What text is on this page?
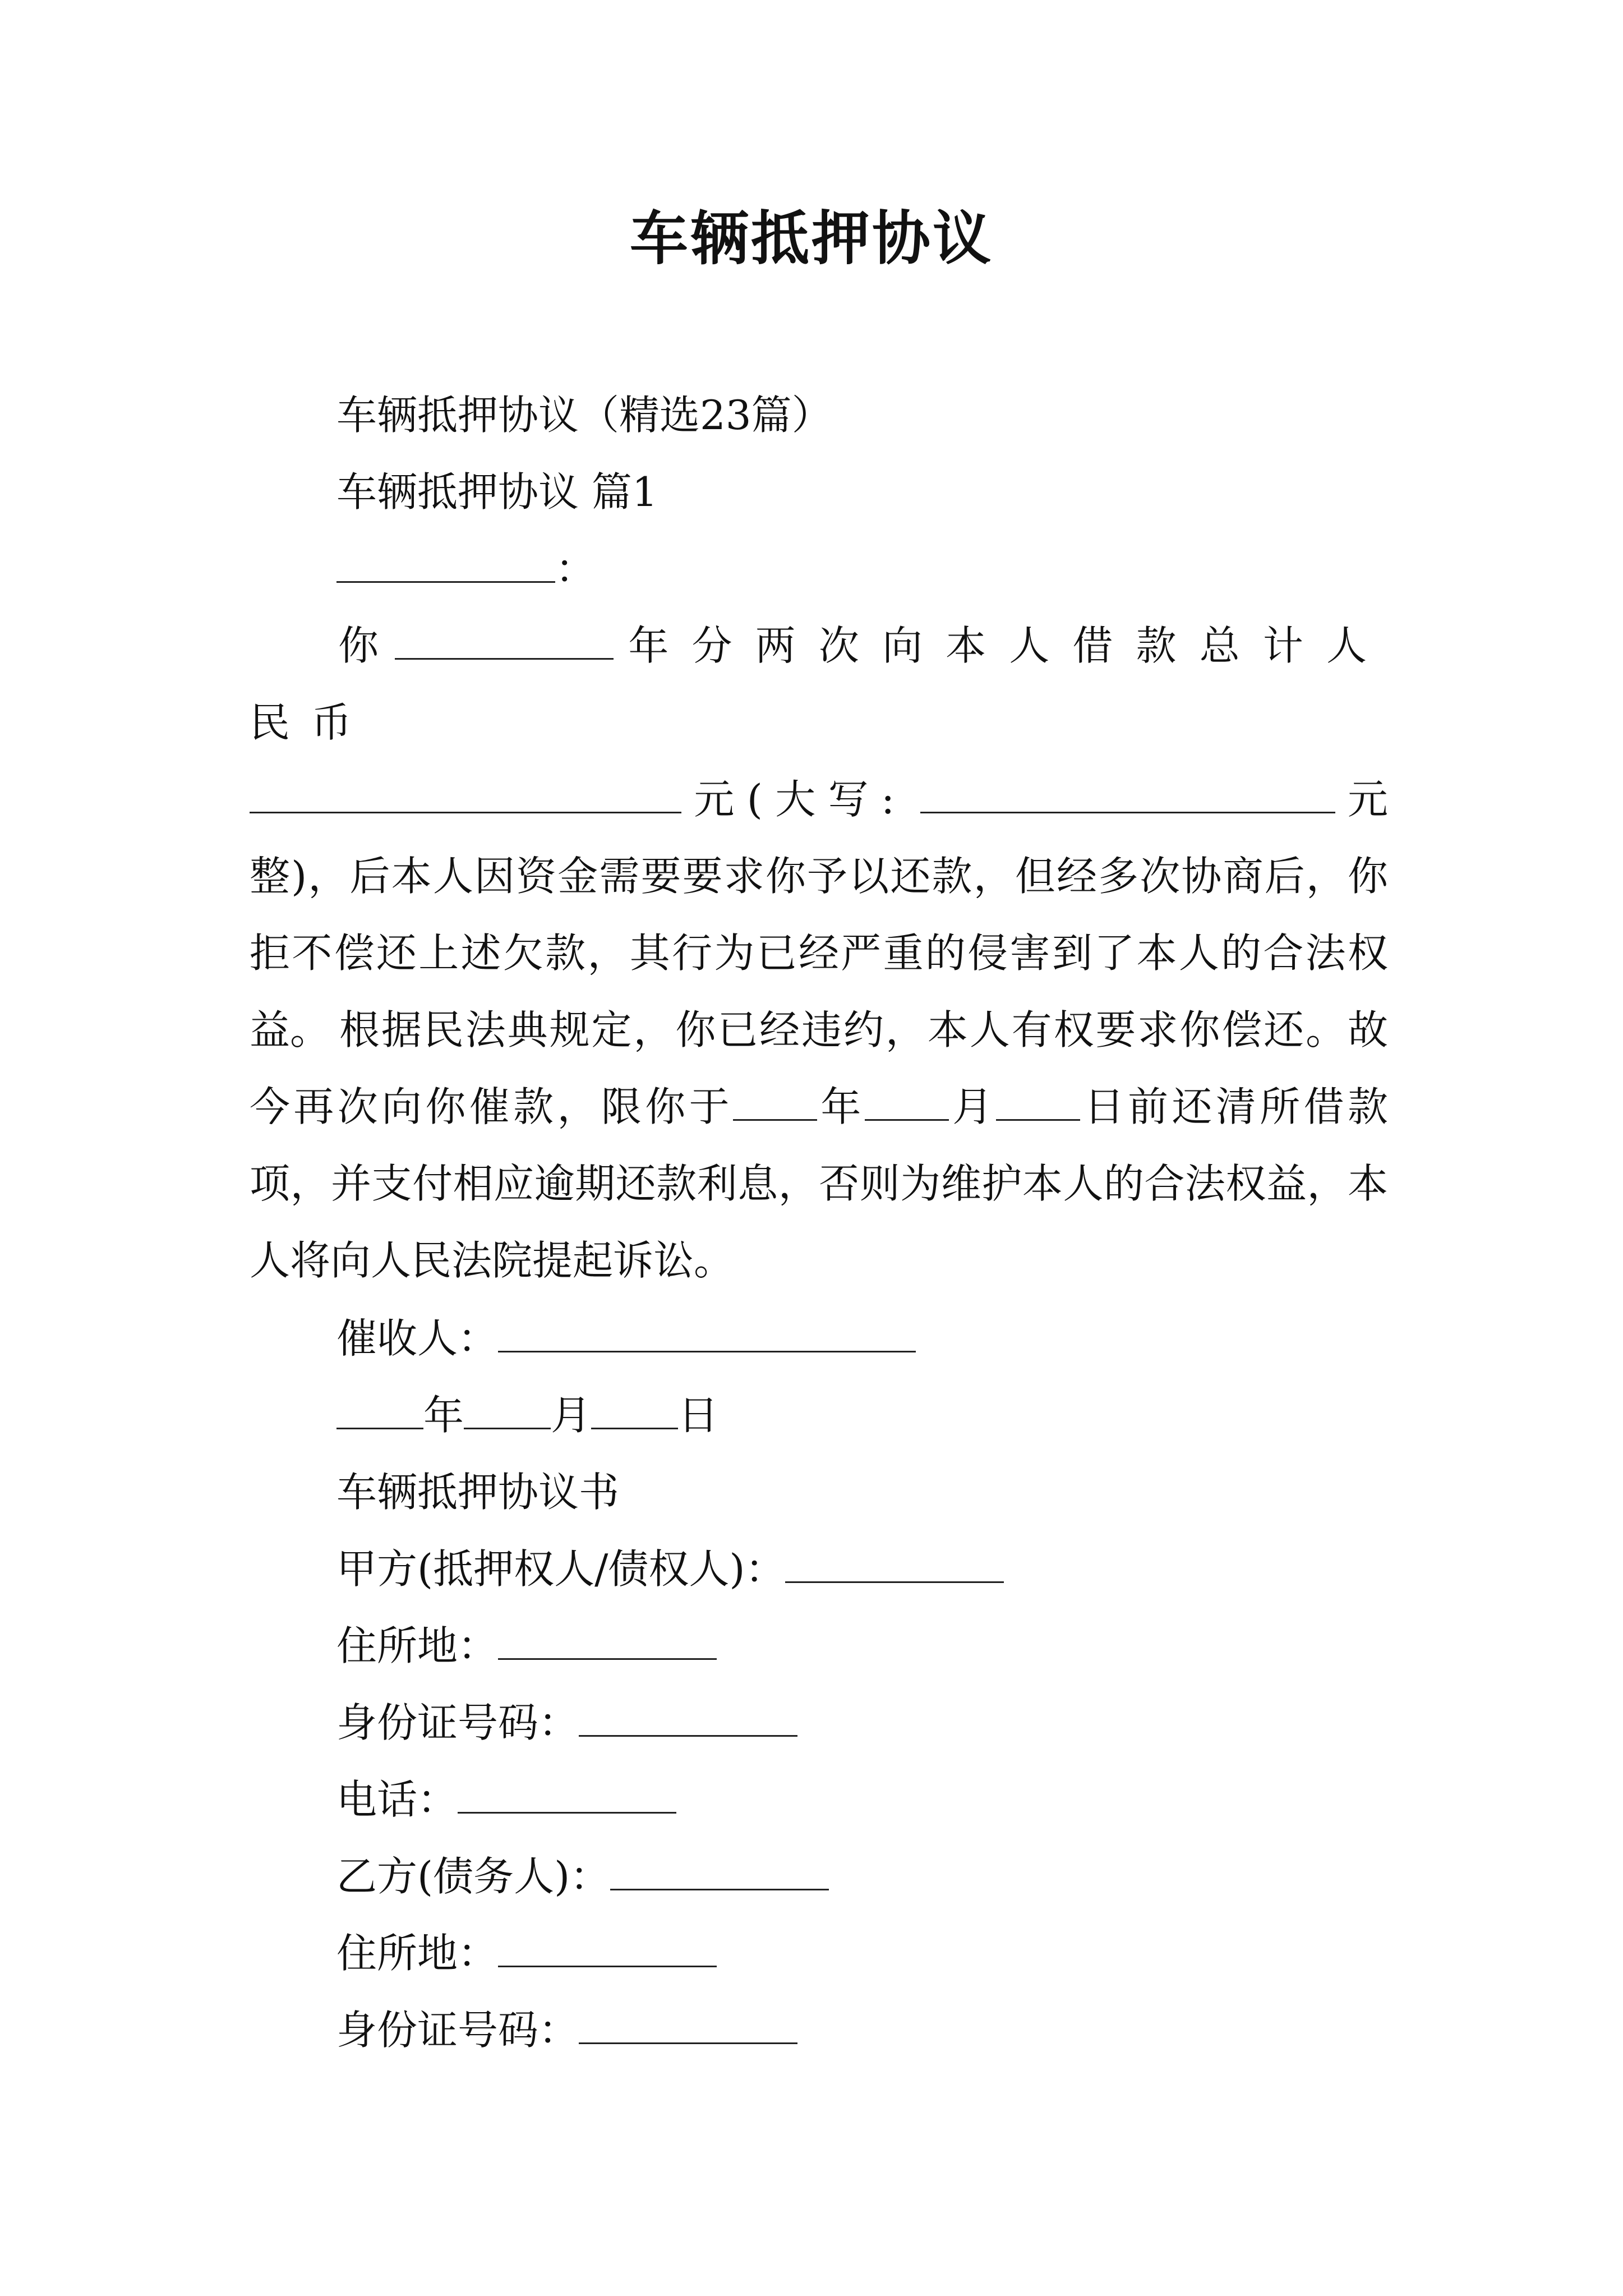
车辆抵押协议
车辆抵押协议（精选23篇）
车辆抵押协议 篇1
：
你	年分两次向本人借款总计人民币
元(大写:	元整)，后本人因资金需要要求你予以还款，但经多次协商后，你拒不偿还上述欠款，其行为已经严重的侵害到了本人的合法权益。 根据民法典规定，你已经违约，本人有权要求你偿还。故今再次向你催款，限你于 年 月 日前还清所借款项，并支付相应逾期还款利息，否则为维护本人的合法权益，本人将向人民法院提起诉讼。
催收人：
年 月 日
车辆抵押协议书
甲方(抵押权人/债权人)：
住所地：
身份证号码：
电话：
乙方(债务人)：
住所地：
身份证号码：
